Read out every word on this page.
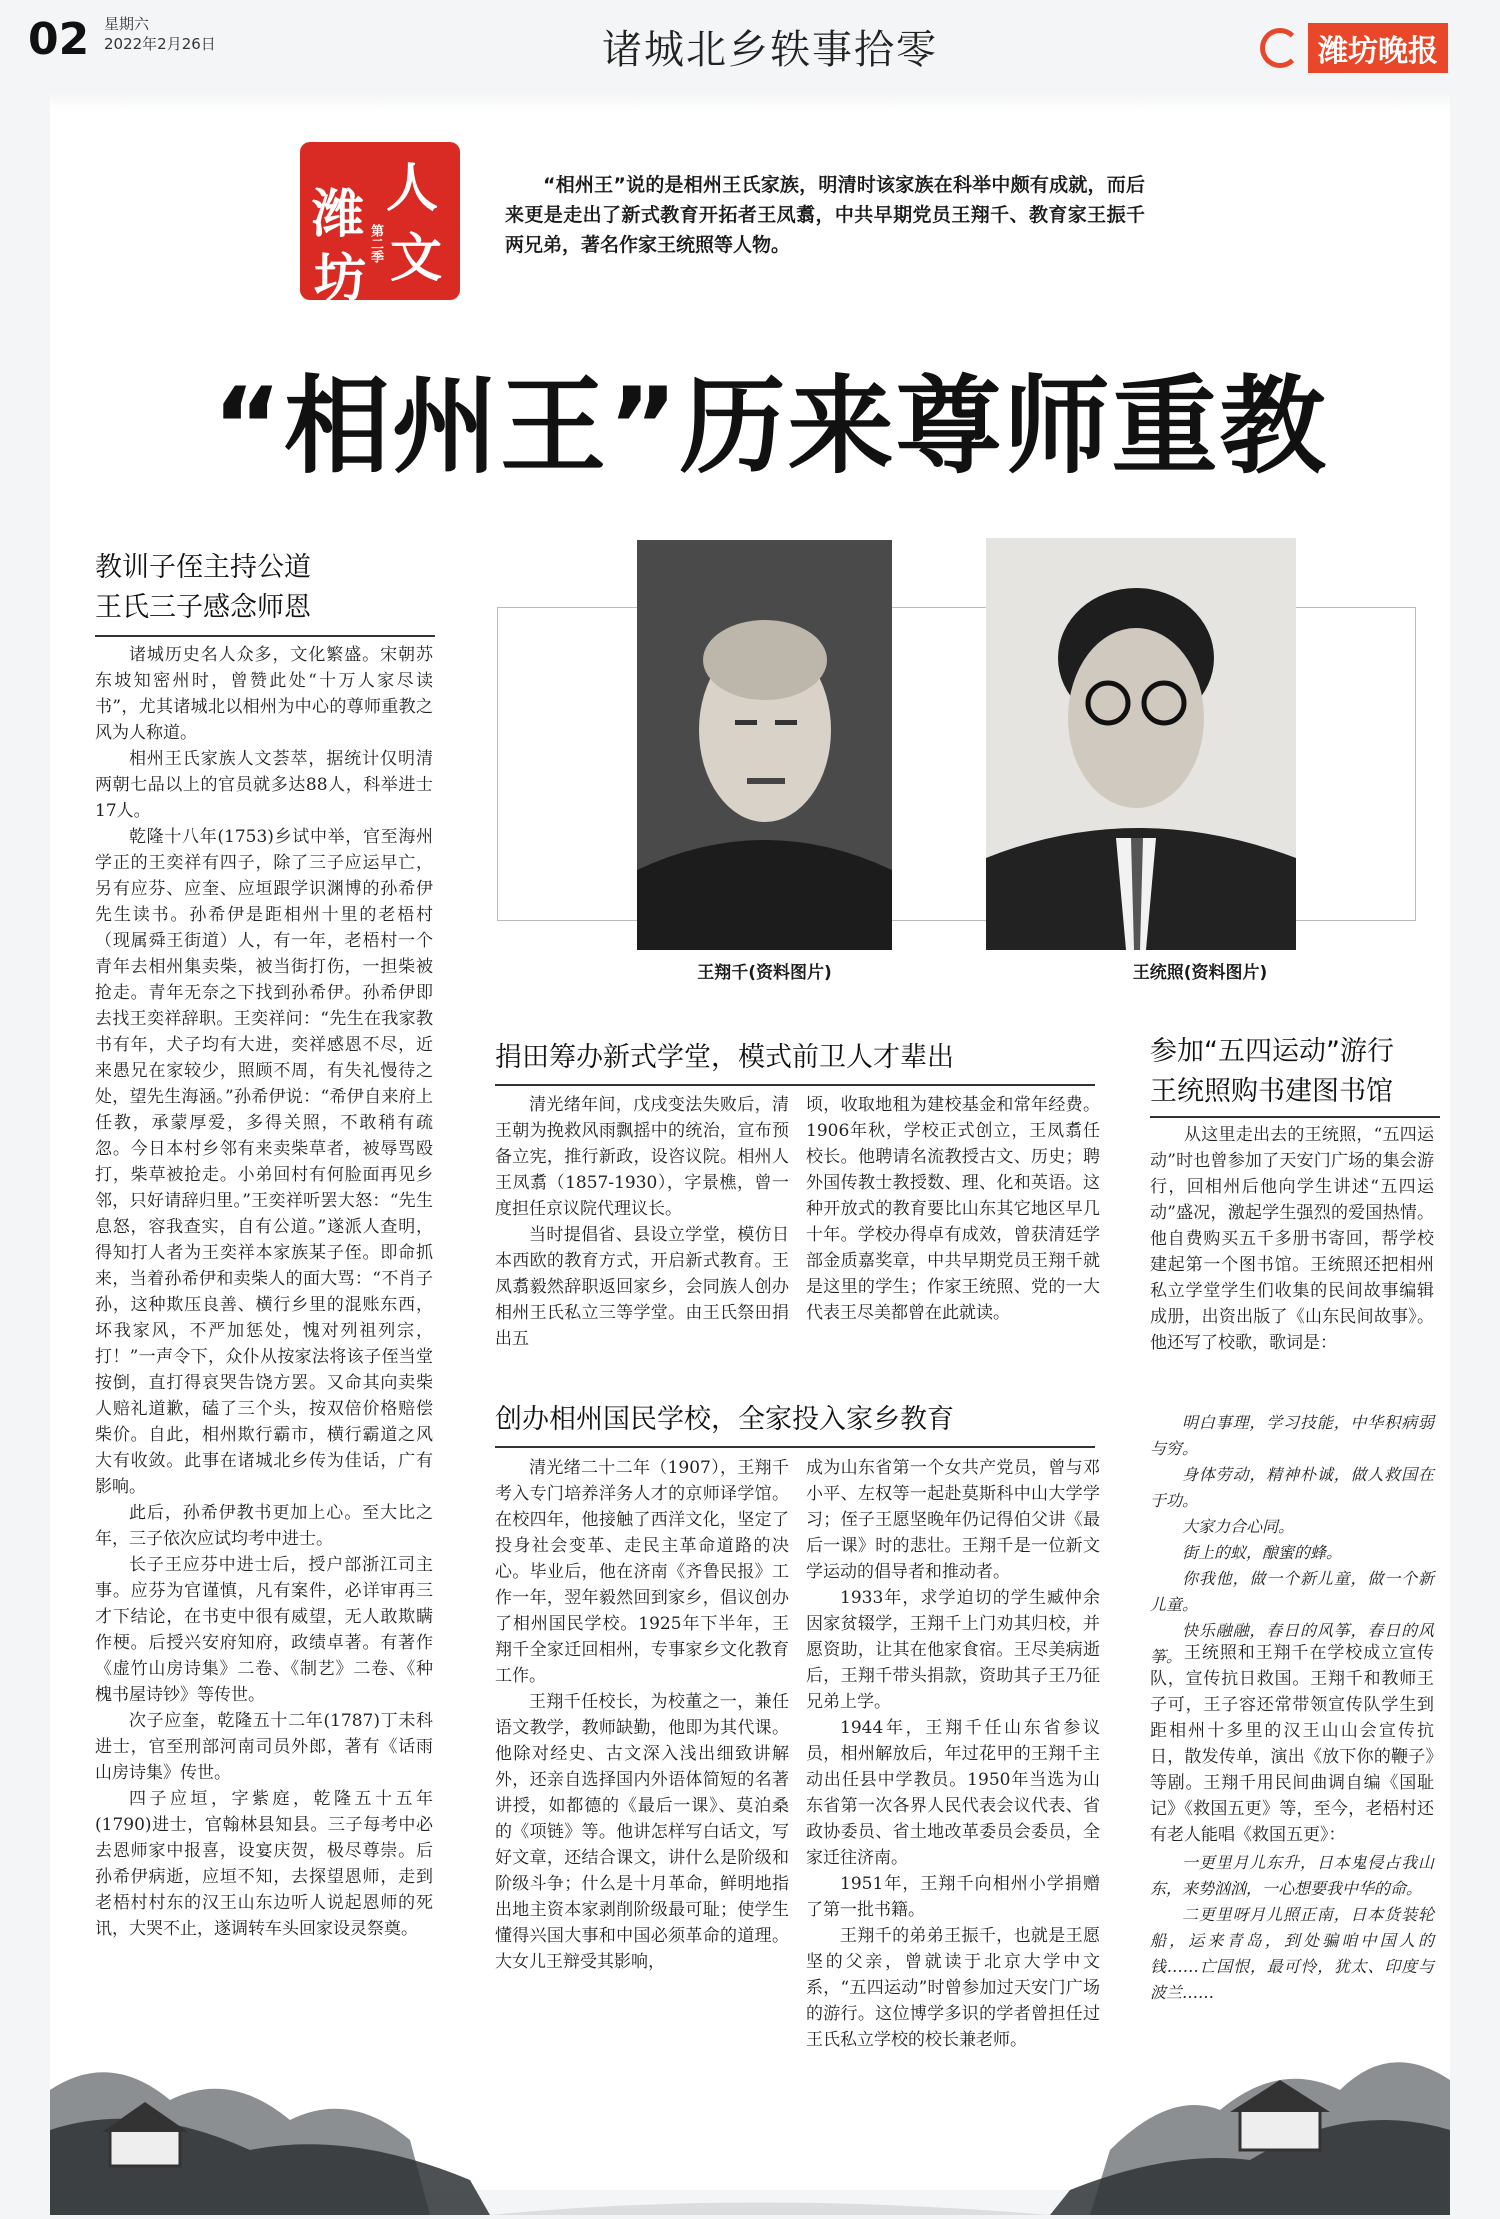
02 星期六
2022年2月26日	诸城北乡轶事拾零	潍坊晚报
潍 人
坊 文
第二季
“相州王”说的是相州王氏家族，明清时该家族在科举中颇有成就，而后来更是走出了新式教育开拓者王凤翥，中共早期党员王翔千、教育家王振千两兄弟，著名作家王统照等人物。
“相州王”历来尊师重教
教训子侄主持公道
王氏三子感念师恩

诸城历史名人众多，文化繁盛。宋朝苏东坡知密州时，曾赞此处“十万人家尽读书”，尤其诸城北以相州为中心的尊师重教之风为人称道。

相州王氏家族人文荟萃，据统计仅明清两朝七品以上的官员就多达88人，科举进士17人。

乾隆十八年(1753)乡试中举，官至海州学正的王奕祥有四子，除了三子应运早亡，另有应芬、应奎、应垣跟学识渊博的孙希伊先生读书。孙希伊是距相州十里的老梧村（现属舜王街道）人，有一年，老梧村一个青年去相州集卖柴，被当街打伤，一担柴被抢走。青年无奈之下找到孙希伊。孙希伊即去找王奕祥辞职。王奕祥问：“先生在我家教书有年，犬子均有大进，奕祥感恩不尽，近来愚兄在家较少，照顾不周，有失礼慢待之处，望先生海涵。”孙希伊说：“希伊自来府上任教，承蒙厚爱，多得关照，不敢稍有疏忽。今日本村乡邻有来卖柴草者，被辱骂殴打，柴草被抢走。小弟回村有何脸面再见乡邻，只好请辞归里。”王奕祥听罢大怒：“先生息怒，容我查实，自有公道。”遂派人查明，得知打人者为王奕祥本家族某子侄。即命抓来，当着孙希伊和卖柴人的面大骂：“不肖子孙，这种欺压良善、横行乡里的混账东西，坏我家风，不严加惩处，愧对列祖列宗，打！”一声令下，众仆从按家法将该子侄当堂按倒，直打得哀哭告饶方罢。又命其向卖柴人赔礼道歉，磕了三个头，按双倍价格赔偿柴价。自此，相州欺行霸市，横行霸道之风大有收敛。此事在诸城北乡传为佳话，广有影响。

此后，孙希伊教书更加上心。至大比之年，三子依次应试均考中进士。

长子王应芬中进士后，授户部浙江司主事。应芬为官谨慎，凡有案件，必详审再三才下结论，在书吏中很有威望，无人敢欺瞒作梗。后授兴安府知府，政绩卓著。有著作《虚竹山房诗集》二卷、《制艺》二卷、《种槐书屋诗钞》等传世。

次子应奎，乾隆五十二年(1787)丁未科进士，官至刑部河南司员外郎，著有《话雨山房诗集》传世。

四子应垣，字紫庭，乾隆五十五年(1790)进士，官翰林县知县。三子每考中必去恩师家中报喜，设宴庆贺，极尽尊崇。后孙希伊病逝，应垣不知，去探望恩师，走到老梧村村东的汉王山东边听人说起恩师的死讯，大哭不止，遂调转车头回家设灵祭奠。

王翔千(资料图片)	王统照(资料图片)
捐田筹办新式学堂，模式前卫人才辈出

清光绪年间，戊戌变法失败后，清王朝为挽救风雨飘摇中的统治，宣布预备立宪，推行新政，设咨议院。相州人王凤翥（1857-1930），字景樵，曾一度担任京议院代理议长。

当时提倡省、县设立学堂，模仿日本西欧的教育方式，开启新式教育。王凤翥毅然辞职返回家乡，会同族人创办相州王氏私立三等学堂。由王氏祭田捐出五

顷，收取地租为建校基金和常年经费。1906年秋，学校正式创立，王凤翥任校长。他聘请名流教授古文、历史；聘外国传教士教授数、理、化和英语。这种开放式的教育要比山东其它地区早几十年。学校办得卓有成效，曾获清廷学部金质嘉奖章，中共早期党员王翔千就是这里的学生；作家王统照、党的一大代表王尽美都曾在此就读。

创办相州国民学校，全家投入家乡教育

清光绪二十二年（1907），王翔千考入专门培养洋务人才的京师译学馆。在校四年，他接触了西洋文化，坚定了投身社会变革、走民主革命道路的决心。毕业后，他在济南《齐鲁民报》工作一年，翌年毅然回到家乡，倡议创办了相州国民学校。1925年下半年，王翔千全家迁回相州，专事家乡文化教育工作。

王翔千任校长，为校董之一，兼任语文教学，教师缺勤，他即为其代课。他除对经史、古文深入浅出细致讲解外，还亲自选择国内外语体简短的名著讲授，如都德的《最后一课》、莫泊桑的《项链》等。他讲怎样写白话文，写好文章，还结合课文，讲什么是阶级和阶级斗争；什么是十月革命，鲜明地指出地主资本家剥削阶级最可耻；使学生懂得兴国大事和中国必须革命的道理。大女儿王辩受其影响，

成为山东省第一个女共产党员，曾与邓小平、左权等一起赴莫斯科中山大学学习；侄子王愿坚晚年仍记得伯父讲《最后一课》时的悲壮。王翔千是一位新文学运动的倡导者和推动者。

1933年，求学迫切的学生臧仲余因家贫辍学，王翔千上门劝其归校，并愿资助，让其在他家食宿。王尽美病逝后，王翔千带头捐款，资助其子王乃征兄弟上学。

1944年，王翔千任山东省参议员，相州解放后，年过花甲的王翔千主动出任县中学教员。1950年当选为山东省第一次各界人民代表会议代表、省政协委员、省土地改革委员会委员，全家迁往济南。

1951年，王翔千向相州小学捐赠了第一批书籍。

王翔千的弟弟王振千，也就是王愿坚的父亲，曾就读于北京大学中文系，“五四运动”时曾参加过天安门广场的游行。这位博学多识的学者曾担任过王氏私立学校的校长兼老师。

参加“五四运动”游行
王统照购书建图书馆

从这里走出去的王统照，“五四运动”时也曾参加了天安门广场的集会游行，回相州后他向学生讲述“五四运动”盛况，激起学生强烈的爱国热情。他自费购买五千多册书寄回，帮学校建起第一个图书馆。王统照还把相州私立学堂学生们收集的民间故事编辑成册，出资出版了《山东民间故事》。他还写了校歌，歌词是：

明白事理，学习技能，中华积病弱与穷。

身体劳动，精神朴诚，做人救国在于功。

大家力合心同。

街上的蚁，酿蜜的蜂。

你我他，做一个新儿童，做一个新儿童。

快乐融融，春日的风筝，春日的风筝。 王统照和王翔千在学校成立宣传队，宣传抗日救国。王翔千和教师王子可，王子容还常带领宣传队学生到距相州十多里的汉王山山会宣传抗日，散发传单，演出《放下你的鞭子》等剧。王翔千用民间曲调自编《国耻记》《救国五更》等，至今，老梧村还有老人能唱《救国五更》：

一更里月儿东升，日本鬼侵占我山东，来势汹汹，一心想要我中华的命。

二更里呀月儿照正南，日本货装轮船，运来青岛，到处骗咱中国人的钱……亡国恨，最可怜，犹太、印度与波兰……
